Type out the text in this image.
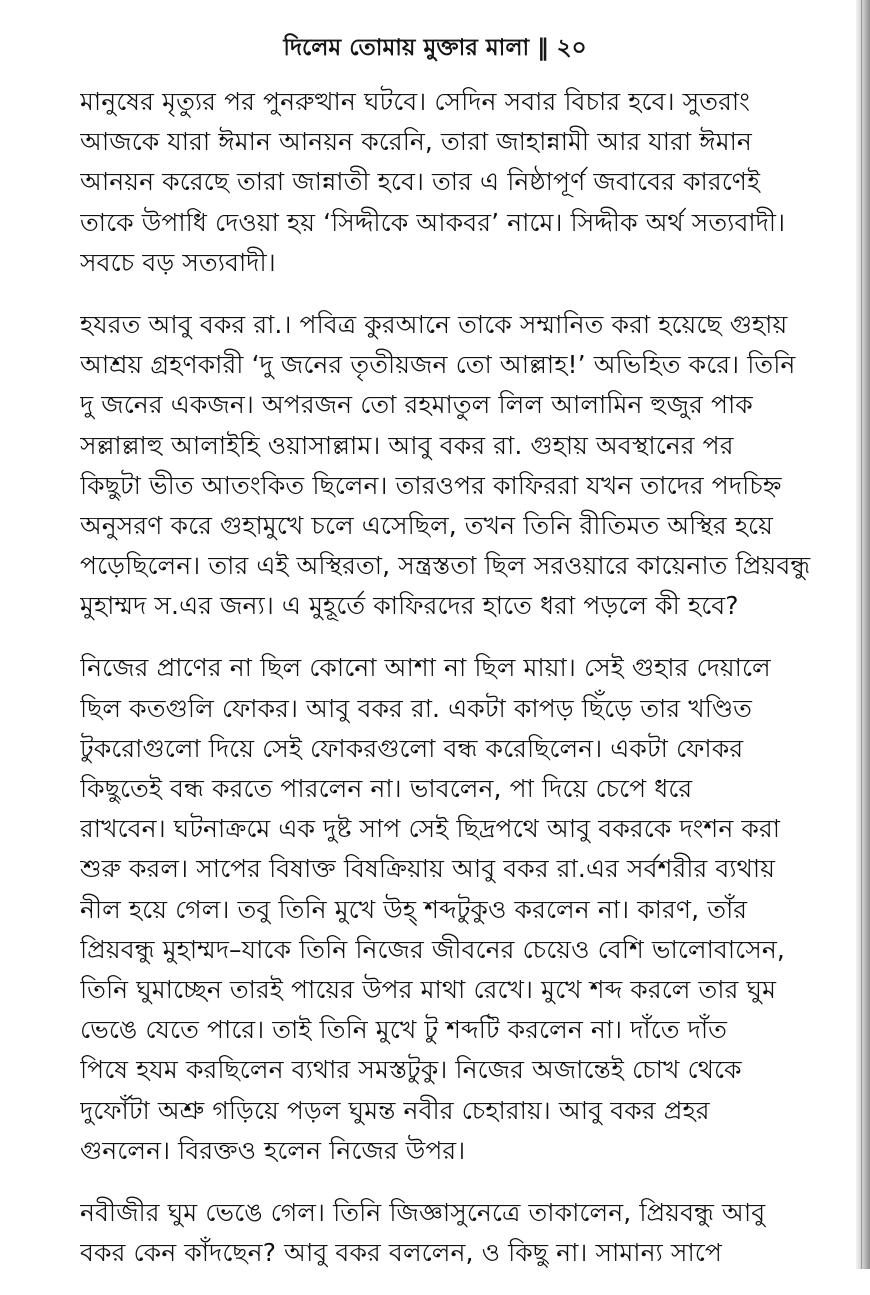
দিলেম তোমায় মুক্তার মালা ‖ ২০
মানুষের মৃত্যুর পর পুনরুত্থান ঘটবে। সেদিন সবার বিচার হবে। সুতরাং
আজকে যারা ঈমান আনয়ন করেনি, তারা জাহান্নামী আর যারা ঈমান
আনয়ন করেছে তারা জান্নাতী হবে। তার এ নিষ্ঠাপূর্ণ জবাবের কারণেই
তাকে উপাধি দেওয়া হয় ‘সিদ্দীকে আকবর’ নামে। সিদ্দীক অর্থ সত্যবাদী।
সবচে বড় সত্যবাদী।
হযরত আবু বকর রা.। পবিত্র কুরআনে তাকে সম্মানিত করা হয়েছে গুহায়
আশ্রয় গ্রহণকারী ‘দু জনের তৃতীয়জন তো আল্লাহ!’ অভিহিত করে। তিনি
দু জনের একজন। অপরজন তো রহমাতুল লিল আলামিন হুজুর পাক
সল্লাল্লাহু আলাইহি ওয়াসাল্লাম। আবু বকর রা. গুহায় অবস্থানের পর
কিছুটা ভীত আতংকিত ছিলেন। তারওপর কাফিররা যখন তাদের পদচিহ্ন
অনুসরণ করে গুহামুখে চলে এসেছিল, তখন তিনি রীতিমত অস্থির হয়ে
পড়েছিলেন। তার এই অস্থিরতা, সন্ত্রস্ততা ছিল সরওয়ারে কায়েনাত প্রিয়বন্ধু
মুহাম্মদ স.এর জন্য। এ মুহূর্তে কাফিরদের হাতে ধরা পড়লে কী হবে?
নিজের প্রাণের না ছিল কোনো আশা না ছিল মায়া। সেই গুহার দেয়ালে
ছিল কতগুলি ফোকর। আবু বকর রা. একটা কাপড় ছিঁড়ে তার খণ্ডিত
টুকরোগুলো দিয়ে সেই ফোকরগুলো বন্ধ করেছিলেন। একটা ফোকর
কিছুতেই বন্ধ করতে পারলেন না। ভাবলেন, পা দিয়ে চেপে ধরে
রাখবেন। ঘটনাক্রমে এক দুষ্ট সাপ সেই ছিদ্রপথে আবু বকরকে দংশন করা
শুরু করল। সাপের বিষাক্ত বিষক্রিয়ায় আবু বকর রা.এর সর্বশরীর ব্যথায়
নীল হয়ে গেল। তবু তিনি মুখে উহ্ শব্দটুকুও করলেন না। কারণ, তাঁর
প্রিয়বন্ধু মুহাম্মদ–যাকে তিনি নিজের জীবনের চেয়েও বেশি ভালোবাসেন,
তিনি ঘুমাচ্ছেন তারই পায়ের উপর মাথা রেখে। মুখে শব্দ করলে তার ঘুম
ভেঙে যেতে পারে। তাই তিনি মুখে টু শব্দটি করলেন না। দাঁতে দাঁত
পিষে হযম করছিলেন ব্যথার সমস্তটুকু। নিজের অজান্তেই চোখ থেকে
দুফোঁটা অশ্রু গড়িয়ে পড়ল ঘুমন্ত নবীর চেহারায়। আবু বকর প্রহর
গুনলেন। বিরক্তও হলেন নিজের উপর।
নবীজীর ঘুম ভেঙে গেল। তিনি জিজ্ঞাসুনেত্রে তাকালেন, প্রিয়বন্ধু আবু
বকর কেন কাঁদছেন? আবু বকর বললেন, ও কিছু না। সামান্য সাপে
